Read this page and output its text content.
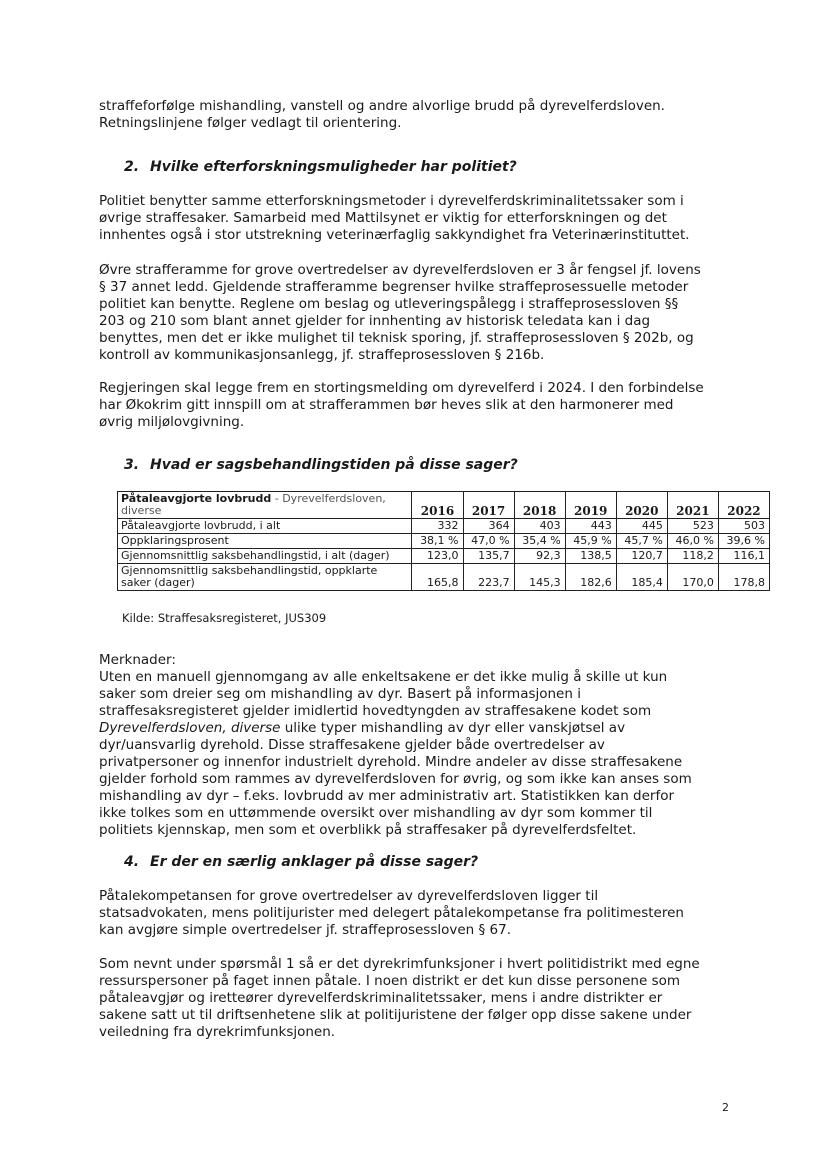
straffeforfølge mishandling, vanstell og andre alvorlige brudd på dyrevelferdsloven.
Retningslinjene følger vedlagt til orientering.
2. Hvilke efterforskningsmuligheder har politiet?
Politiet benytter samme etterforskningsmetoder i dyrevelferdskriminalitetssaker som i
øvrige straffesaker. Samarbeid med Mattilsynet er viktig for etterforskningen og det
innhentes også i stor utstrekning veterinærfaglig sakkyndighet fra Veterinærinstituttet.
Øvre strafferamme for grove overtredelser av dyrevelferdsloven er 3 år fengsel jf. lovens
§ 37 annet ledd. Gjeldende strafferamme begrenser hvilke straffeprosessuelle metoder
politiet kan benytte. Reglene om beslag og utleveringspålegg i straffeprosessloven §§
203 og 210 som blant annet gjelder for innhenting av historisk teledata kan i dag
benyttes, men det er ikke mulighet til teknisk sporing, jf. straffeprosessloven § 202b, og
kontroll av kommunikasjonsanlegg, jf. straffeprosessloven § 216b.
Regjeringen skal legge frem en stortingsmelding om dyrevelferd i 2024. I den forbindelse
har Økokrim gitt innspill om at strafferammen bør heves slik at den harmonerer med
øvrig miljølovgivning.
3. Hvad er sagsbehandlingstiden på disse sager?
Påtaleavgjorte lovbrudd - Dyrevelferdsloven, diverse	2016	2017	2018	2019	2020	2021	2022
Påtaleavgjorte lovbrudd, i alt	332	364	403	443	445	523	503
Oppklaringsprosent	38,1 %	47,0 %	35,4 %	45,9 %	45,7 %	46,0 %	39,6 %
Gjennomsnittlig saksbehandlingstid, i alt (dager)	123,0	135,7	92,3	138,5	120,7	118,2	116,1
Gjennomsnittlig saksbehandlingstid, oppklarte saker (dager)	165,8	223,7	145,3	182,6	185,4	170,0	178,8

Kilde: Straffesaksregisteret, JUS309

Merknader:
Uten en manuell gjennomgang av alle enkeltsakene er det ikke mulig å skille ut kun
saker som dreier seg om mishandling av dyr. Basert på informasjonen i
straffesaksregisteret gjelder imidlertid hovedtyngden av straffesakene kodet som
Dyrevelferdsloven, diverse ulike typer mishandling av dyr eller vanskjøtsel av
dyr/uansvarlig dyrehold. Disse straffesakene gjelder både overtredelser av
privatpersoner og innenfor industrielt dyrehold. Mindre andeler av disse straffesakene
gjelder forhold som rammes av dyrevelferdsloven for øvrig, og som ikke kan anses som
mishandling av dyr – f.eks. lovbrudd av mer administrativ art. Statistikken kan derfor
ikke tolkes som en uttømmende oversikt over mishandling av dyr som kommer til
politiets kjennskap, men som et overblikk på straffesaker på dyrevelferdsfeltet.
4. Er der en særlig anklager på disse sager?
Påtalekompetansen for grove overtredelser av dyrevelferdsloven ligger til
statsadvokaten, mens politijurister med delegert påtalekompetanse fra politimesteren
kan avgjøre simple overtredelser jf. straffeprosessloven § 67.
Som nevnt under spørsmål 1 så er det dyrekrimfunksjoner i hvert politidistrikt med egne
ressurspersoner på faget innen påtale. I noen distrikt er det kun disse personene som
påtaleavgjør og iretteører dyrevelferdskriminalitetssaker, mens i andre distrikter er
sakene satt ut til driftsenhetene slik at politijuristene der følger opp disse sakene under
veiledning fra dyrekrimfunksjonen.

2
